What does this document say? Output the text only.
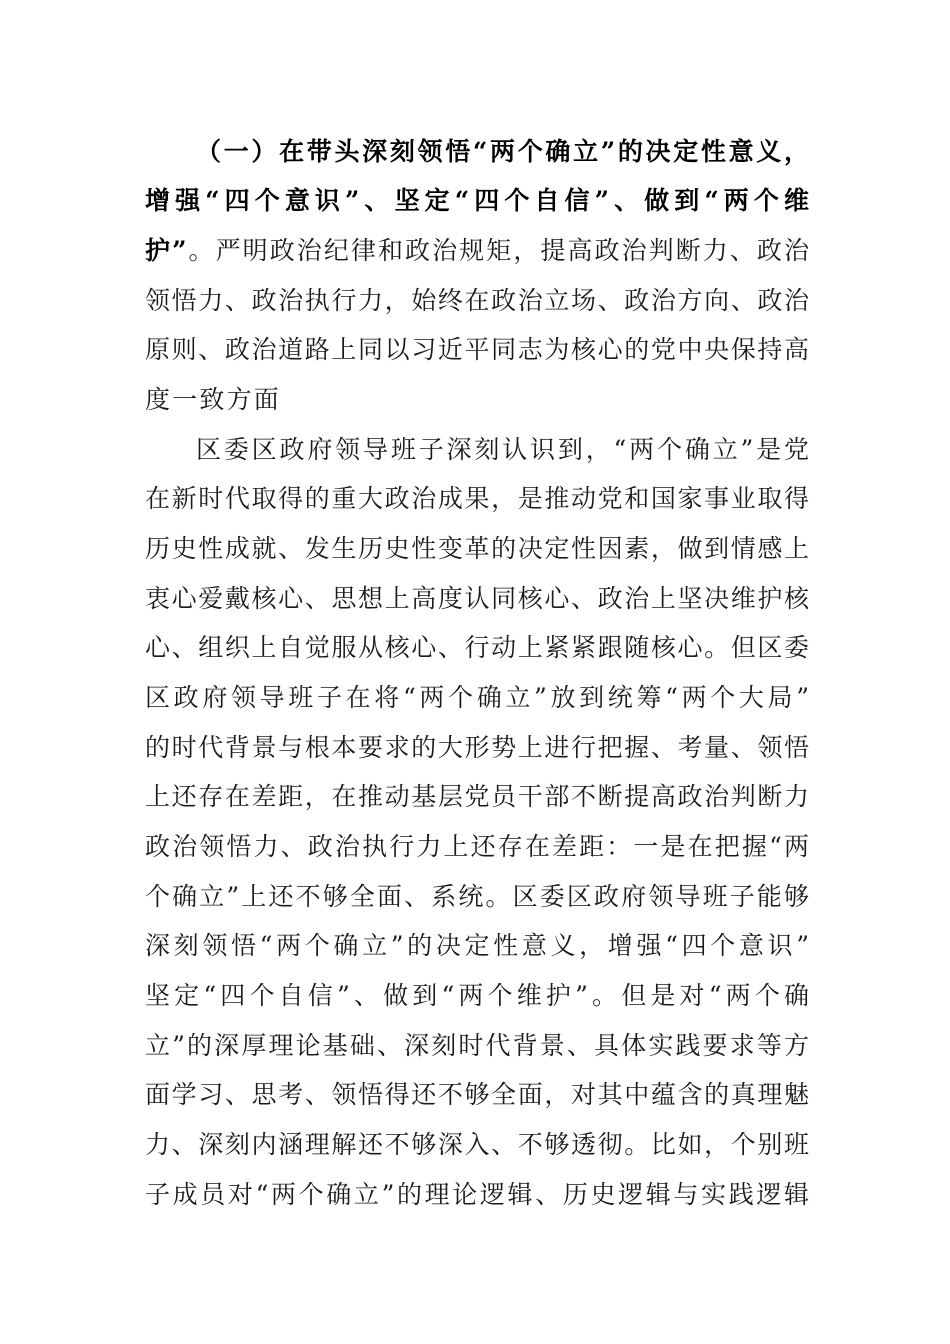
（一）在带头深刻领悟“两个确立”的决定性意义，
增强“四个意识”、坚定“四个自信”、做到“两个维
护”。严明政治纪律和政治规矩，提高政治判断力、政治
领悟力、政治执行力，始终在政治立场、政治方向、政治
原则、政治道路上同以习近平同志为核心的党中央保持高
度一致方面
区委区政府领导班子深刻认识到，“两个确立”是党
在新时代取得的重大政治成果，是推动党和国家事业取得
历史性成就、发生历史性变革的决定性因素，做到情感上
衷心爱戴核心、思想上高度认同核心、政治上坚决维护核
心、组织上自觉服从核心、行动上紧紧跟随核心。但区委
区政府领导班子在将“两个确立”放到统筹“两个大局”
的时代背景与根本要求的大形势上进行把握、考量、领悟
上还存在差距，在推动基层党员干部不断提高政治判断力
政治领悟力、政治执行力上还存在差距：一是在把握“两
个确立”上还不够全面、系统。区委区政府领导班子能够
深刻领悟“两个确立”的决定性意义，增强“四个意识”
坚定“四个自信”、做到“两个维护”。但是对“两个确
立”的深厚理论基础、深刻时代背景、具体实践要求等方
面学习、思考、领悟得还不够全面，对其中蕴含的真理魅
力、深刻内涵理解还不够深入、不够透彻。比如，个别班
子成员对“两个确立”的理论逻辑、历史逻辑与实践逻辑
